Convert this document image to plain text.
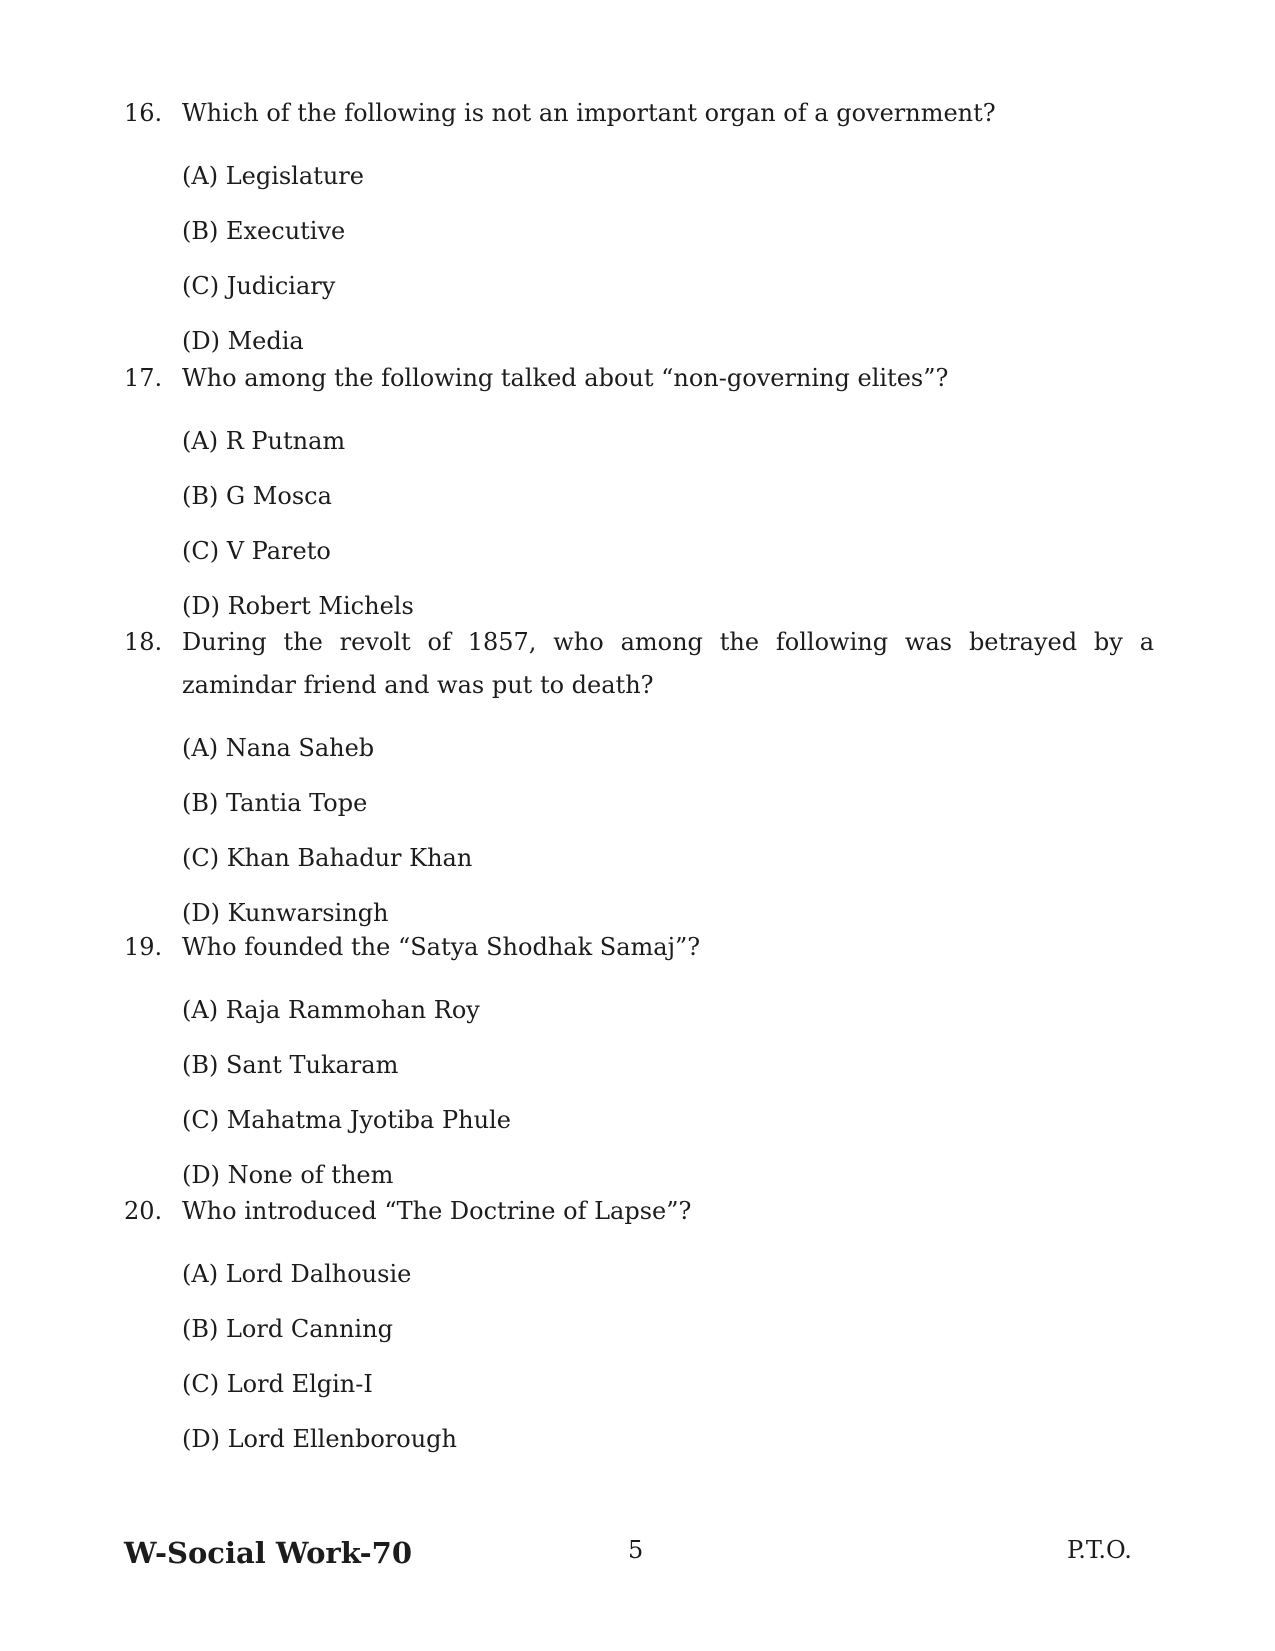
16. Which of the following is not an important organ of a government?
(A) Legislature
(B) Executive
(C) Judiciary
(D) Media
17. Who among the following talked about “non-governing elites”?
(A) R Putnam
(B) G Mosca
(C) V Pareto
(D) Robert Michels
18. During the revolt of 1857, who among the following was betrayed by a zamindar friend and was put to death?
(A) Nana Saheb
(B) Tantia Tope
(C) Khan Bahadur Khan
(D) Kunwarsingh
19. Who founded the “Satya Shodhak Samaj”?
(A) Raja Rammohan Roy
(B) Sant Tukaram
(C) Mahatma Jyotiba Phule
(D) None of them
20. Who introduced “The Doctrine of Lapse”?
(A) Lord Dalhousie
(B) Lord Canning
(C) Lord Elgin-I
(D) Lord Ellenborough
W-Social Work-70	5	P.T.O.
